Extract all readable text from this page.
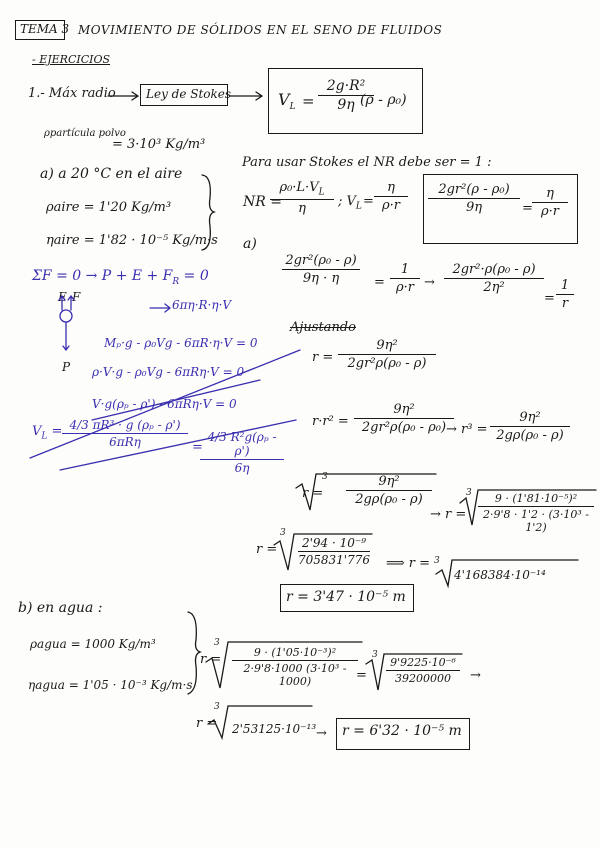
TEMA 3 MOVIMIENTO DE SÓLIDOS EN EL SENO DE FLUIDOS
- EJERCICIOS
1.- Máx radio	Ley de Stokes	$V_L$ =
2g·R²
9η (ρ - ρ₀)
ρpartícula polvo
= 3·10³ Kg/m³
a) a 20 °C en el aire
ρaire = 1'20 Kg/m³
ηaire = 1'82 · 10⁻⁵ Kg/m·s
Para usar Stokes el NR debe ser = 1 :
NR =
$\rho_0\cdot L\cdot V_L$
η	; $V_L$ =
η
ρ·r
2gr²(ρ - ρ₀)
9η	=
η
ρ·r
a)
2gr²(ρ₀ - ρ)
9η · η	=
1
ρ·r →
2gr²·ρ(ρ₀ - ρ)
2η²
=
1
r
Ajustando
r =
9η²
2gr²ρ(ρ₀ - ρ)
r·r² =
9η²
2gr²ρ(ρ₀ - ρ₀) → r³ =
9η²
2gρ(ρ₀ - ρ)
3
r =
9η²
2gρ(ρ₀ - ρ)
→ r =
3	9 · (1'81·10⁻⁵)²
2·9'8 · 1'2 · (3·10³ - 1'2)
3
r =	2'94 · 10⁻⁹
705831'776 ⟹ r = 3
4'168384·10⁻¹⁴
r = 3'47 · 10⁻⁵ m
$\Sigma F = 0 \to P + E + F_R = 0$
E F
P
6πη·R·η·V
Mₚ·g - ρ₀Vg - 6πR·η·V = 0
ρ·V·g - ρ₀Vg - 6πRη·V = 0
V·g(ρₚ - ρ') - 6πRη·V = 0
$V_L = 4/3$ πR³ · g (ρₚ - ρ')
6πRη	=
4/3 R²g(ρₚ - ρ')
6η
b) en agua :
ρagua = 1000 Kg/m³
ηagua = 1'05 · 10⁻³ Kg/m·s
3
r =	9 · (1'05·10⁻³)²
2·9'8·1000 (3·10³ - 1000)	=
3
9'9225·10⁻⁶
39200000	→
3
r = 2'53125·10⁻¹³ → r = 6'32 · 10⁻⁵ m
